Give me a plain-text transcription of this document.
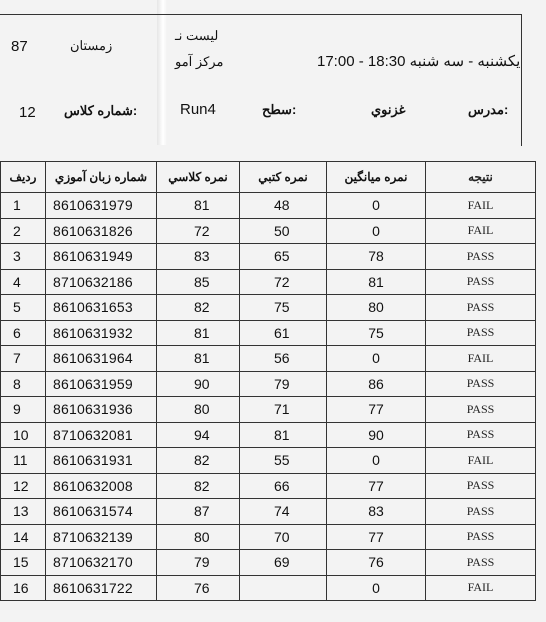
لیست نـ
مرکز آمو
زمستان
87
یکشنبه - سه شنبه 18:30 - 17:00
مدرس:
غزنوي
سطح:
Run4
شماره كلاس:
12
نتيجه	نمره ميانگين	نمره كتبي	نمره كلاسي	شماره زبان آموزي	رديف
FAIL	0	48	81	8610631979	1
FAIL	0	50	72	8610631826	2
PASS	78	65	83	8610631949	3
PASS	81	72	85	8710632186	4
PASS	80	75	82	8610631653	5
PASS	75	61	81	8610631932	6
FAIL	0	56	81	8610631964	7
PASS	86	79	90	8610631959	8
PASS	77	71	80	8610631936	9
PASS	90	81	94	8710632081	10
FAIL	0	55	82	8610631931	11
PASS	77	66	82	8610632008	12
PASS	83	74	87	8610631574	13
PASS	77	70	80	8710632139	14
PASS	76	69	79	8710632170	15
FAIL	0		76	8610631722	16
